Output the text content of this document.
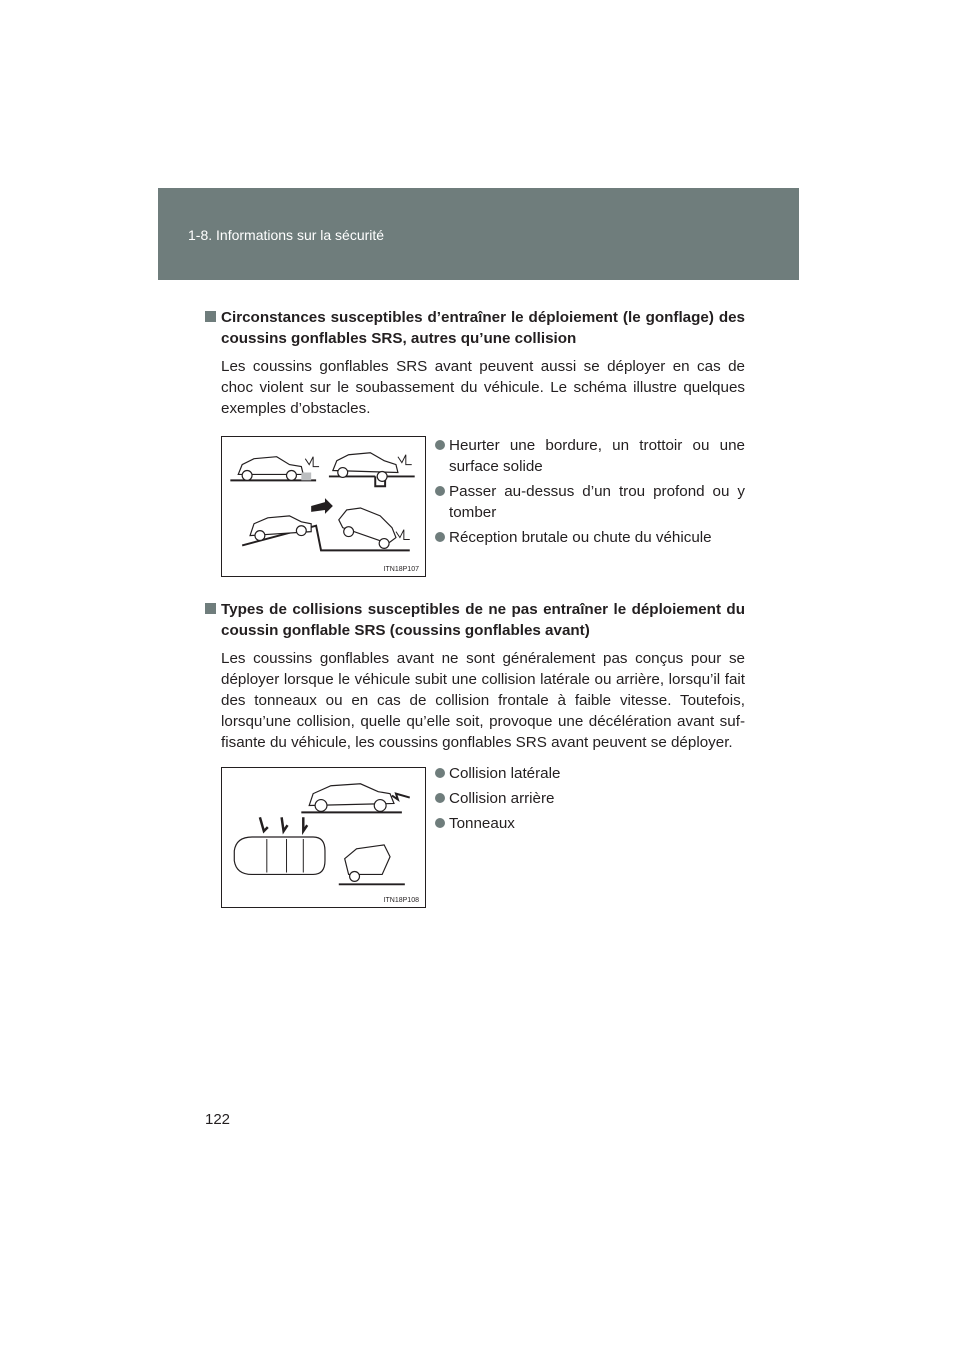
1-8. Informations sur la sécurité

Circonstances susceptibles d’entraîner le déploiement (le gonflage) des coussins gonflables SRS, autres qu’une collision

Les coussins gonflables SRS avant peuvent aussi se déployer en cas de choc violent sur le soubassement du véhicule. Le schéma illustre quelques exemples d’obstacles.

ITN18P107
Heurter une bordure, un trottoir ou une surface solide
Passer au-dessus d’un trou profond ou y tomber
Réception brutale ou chute du véhicule

Types de collisions susceptibles de ne pas entraîner le déploiement du coussin gonflable SRS (coussins gonflables avant)

Les coussins gonflables avant ne sont généralement pas conçus pour se déployer lorsque le véhicule subit une collision latérale ou arrière, lorsqu’il fait des tonneaux ou en cas de collision frontale à faible vitesse. Toutefois, lorsqu’une collision, quelle qu’elle soit, provoque une décélération avant suf-fisante du véhicule, les coussins gonflables SRS avant peuvent se déployer.

ITN18P108
Collision latérale
Collision arrière
Tonneaux
122
